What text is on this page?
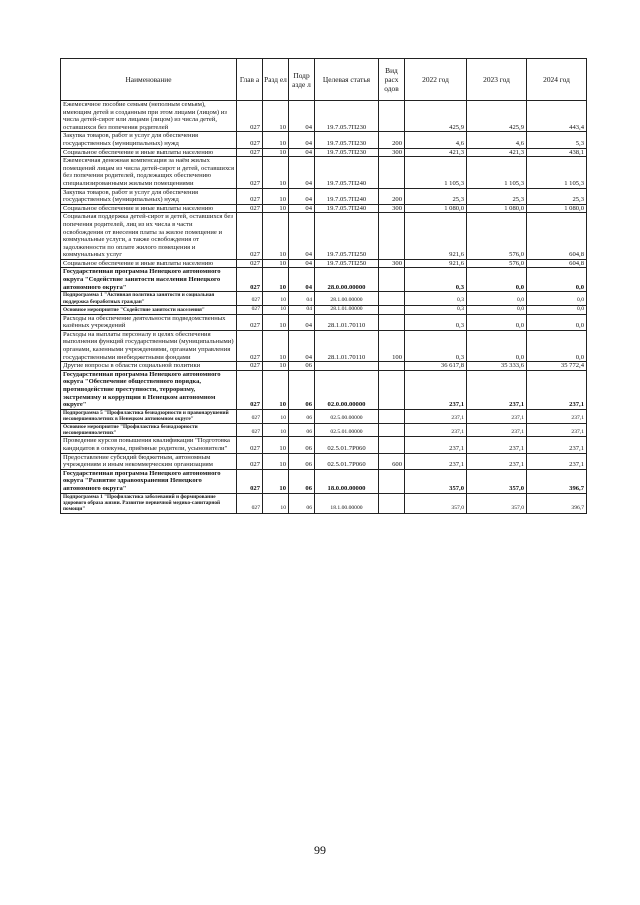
Наименование	Глав а	Разд ел	Подр азде л	Целевая статья	Вид расх одов	2022 год	2023 год	2024 год
Ежемесячное пособие семьям (неполным семьям), имеющим детей и созданным при этом лицами (лицом) из числа детей-сирот или лицами (лицом) из числа детей, оставшихся без попечения родителей	027	10	04	19.7.05.7П230		425,9	425,9	443,4
Закупка товаров, работ и услуг для обеспечения государственных (муниципальных) нужд	027	10	04	19.7.05.7П230	200	4,6	4,6	5,3
Социальное обеспечение и иные выплаты населению	027	10	04	19.7.05.7П230	300	421,3	421,3	438,1
Ежемесячная денежная компенсация за наём жилых помещений лицам из числа детей-сирот и детей, оставшихся без попечения родителей, подлежащих обеспечению специализированными жилыми помещениями	027	10	04	19.7.05.7П240		1 105,3	1 105,3	1 105,3
Закупка товаров, работ и услуг для обеспечения государственных (муниципальных) нужд	027	10	04	19.7.05.7П240	200	25,3	25,3	25,3
Социальное обеспечение и иные выплаты населению	027	10	04	19.7.05.7П240	300	1 080,0	1 080,0	1 080,0
Социальная поддержка детей-сирот и детей, оставшихся без попечения родителей, лиц из их числа в части освобождения от внесения платы за жилое помещение и коммунальные услуги, а также освобождения от задолженности по оплате жилого помещения и коммунальных услуг	027	10	04	19.7.05.7П250		921,6	576,0	604,8
Социальное обеспечение и иные выплаты населению	027	10	04	19.7.05.7П250	300	921,6	576,0	604,8
Государственная программа Ненецкого автономного округа "Содействие занятости населения Ненецкого автономного округа"	027	10	04	28.0.00.00000		0,3	0,0	0,0
Подпрограмма 1 "Активная политика занятости и социальная поддержка безработных граждан"	027	10	04	28.1.00.00000		0,3	0,0	0,0
Основное мероприятие "Содействие занятости населения"	027	10	04	28.1.01.00000		0,3	0,0	0,0
Расходы на обеспечение деятельности подведомственных казённых учреждений	027	10	04	28.1.01.70110		0,3	0,0	0,0
Расходы на выплаты персоналу в целях обеспечения выполнения функций государственными (муниципальными) органами, казенными учреждениями, органами управления государственными внебюджетными фондами	027	10	04	28.1.01.70110	100	0,3	0,0	0,0
Другие вопросы в области социальной политики	027	10	06			36 617,8	35 333,6	35 772,4
Государственная программа Ненецкого автономного округа "Обеспечение общественного порядка, противодействие преступности, терроризму, экстремизму и коррупции в Ненецком автономном округе"	027	10	06	02.0.00.00000		237,1	237,1	237,1
Подпрограмма 5 "Профилактика безнадзорности и правонарушений несовершеннолетних в Ненецком автономном округе"	027	10	06	02.5.00.00000		237,1	237,1	237,1
Основное мероприятие "Профилактика безнадзорности несовершеннолетних"	027	10	06	02.5.01.00000		237,1	237,1	237,1
Проведение курсов повышения квалификации "Подготовка кандидатов в опекуны, приёмные родители, усыновители"	027	10	06	02.5.01.7Р060		237,1	237,1	237,1
Предоставление субсидий бюджетным, автономным учреждениям и иным некоммерческим организациям	027	10	06	02.5.01.7Р060	600	237,1	237,1	237,1
Государственная программа Ненецкого автономного округа "Развитие здравоохранения Ненецкого автономного округа"	027	10	06	18.0.00.00000		357,0	357,0	396,7
Подпрограмма 1 "Профилактика заболеваний и формирование здорового образа жизни. Развитие первичной медико-санитарной помощи"	027	10	06	18.1.00.00000		357,0	357,0	396,7
99
